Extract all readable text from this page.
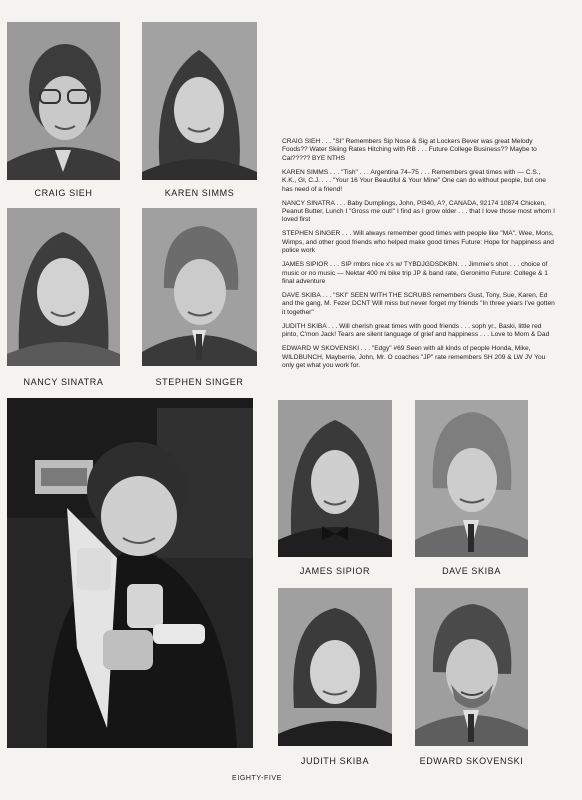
CRAIG SIEH	KAREN SIMMS
NANCY SINATRA	STEPHEN SINGER

CRAIG SIEH . . . "SI" Remembers Sip Nose & Sig at Lockers Bever was great Melody Foods?? Water Skiing Rates Hitching with RB . . . Future College Business?? Maybe to Cal????? BYE NTHS

KAREN SIMMS . . . "Tish" . . . Argentina 74–75 . . . Remembers great times with — C.S., K.K., Gl, C.J. . . . "Your 16 Your Beautiful & Your Mine" One can do without people, but one has need of a friend!

NANCY SINATRA . . . Baby Dumplings, John, Pl340, A?, CANADA, 92174 10874 Chicken, Peanut Butter, Lunch I "Gross me out!" I find as I grow older . . . that I love those most whom I loved first

STEPHEN SINGER . . . Will always remember good times with people like "MA", Wee, Mons, Wimps, and other good friends who helped make good times Future: Hope for happiness and police work

JAMES SIPIOR . . . SIP rmbrs nice x's w/ TYBDJGDSDKBN. . . Jimmie's shot . . . choice of music or no music — Nektar 400 mi bike trip JP & band rate, Geronimo Future: College & 1 final adventure

DAVE SKIBA . . . "SKI" SEEN WITH THE SCRUBS remembers Gust, Tony, Sue, Karen, Ed and the gang, M. Fezer DCNT Will miss but never forget my friends "In three years I've gotten it together"

JUDITH SKIBA . . . Will cherish great times with good friends . . . soph yr., Baski, little red pinto, C'mon Jack! Tears are silent language of grief and happiness . . . Love to Mom & Dad

EDWARD W SKOVENSKI . . . "Edgy" #69 Seen with all kinds of people Honda, Mike, WILDBUNCH, Mayberrie, John, Mr. O coaches "JP" rate remembers SH 209 & LW JV You only get what you work for.

JAMES SIPIOR	DAVE SKIBA
JUDITH SKIBA	EDWARD SKOVENSKI
EIGHTY-FIVE
